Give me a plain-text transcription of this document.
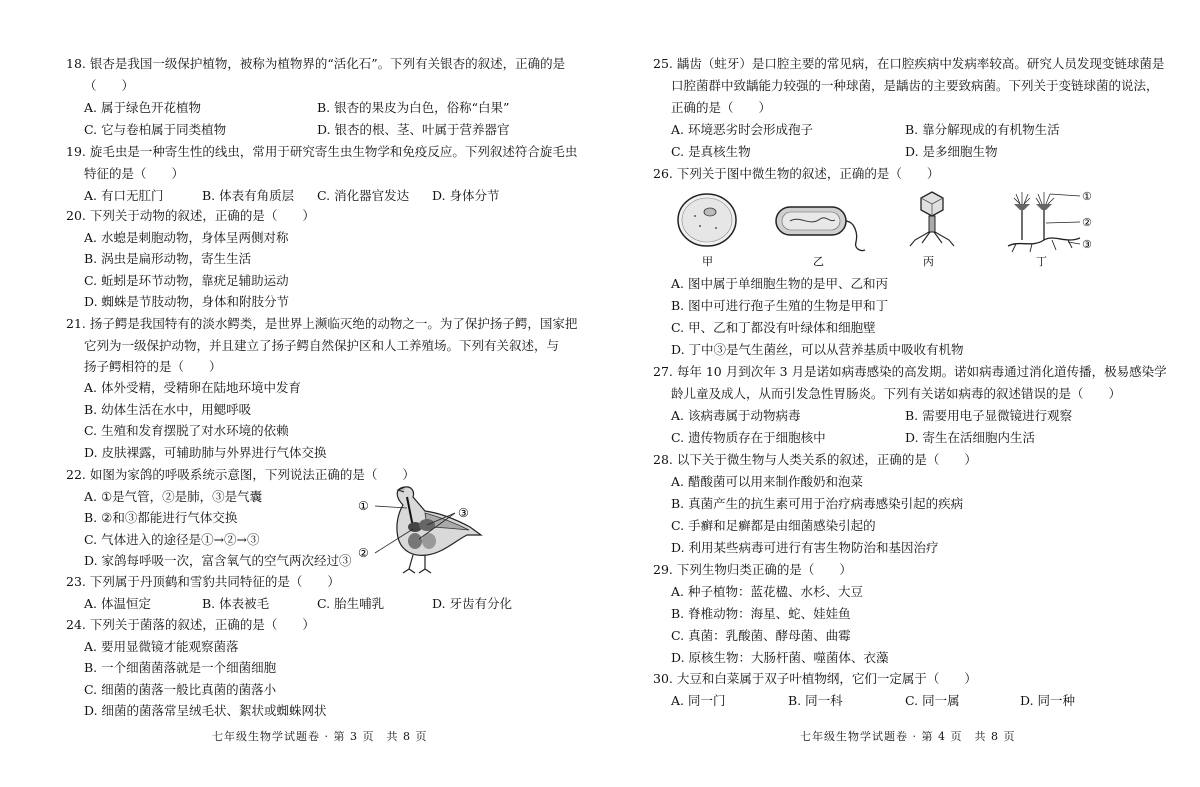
18. 银杏是我国一级保护植物，被称为植物界的“活化石”。下列有关银杏的叙述，正确的是
（　　）
A. 属于绿色开花植物	B. 银杏的果皮为白色，俗称“白果”
C. 它与卷柏属于同类植物	D. 银杏的根、茎、叶属于营养器官
19. 旋毛虫是一种寄生性的线虫，常用于研究寄生虫生物学和免疫反应。下列叙述符合旋毛虫
特征的是（　　）
A. 有口无肛门	B. 体表有角质层 C. 消化器官发达 D. 身体分节
20. 下列关于动物的叙述，正确的是（　　）
A. 水螅是刺胞动物，身体呈两侧对称
B. 涡虫是扁形动物，寄生生活
C. 蚯蚓是环节动物，靠疣足辅助运动
D. 蜘蛛是节肢动物，身体和附肢分节
21. 扬子鳄是我国特有的淡水鳄类，是世界上濒临灭绝的动物之一。为了保护扬子鳄，国家把
它列为一级保护动物，并且建立了扬子鳄自然保护区和人工养殖场。下列有关叙述，与
扬子鳄相符的是（　　）
A. 体外受精，受精卵在陆地环境中发育
B. 幼体生活在水中，用鳃呼吸
C. 生殖和发育摆脱了对水环境的依赖
D. 皮肤裸露，可辅助肺与外界进行气体交换
22. 如图为家鸽的呼吸系统示意图，下列说法正确的是（　　）
A. ①是气管，②是肺，③是气囊
B. ②和③都能进行气体交换
C. 气体进入的途径是①→②→③
D. 家鸽每呼吸一次，富含氧气的空气两次经过③
①
②
③
23. 下列属于丹顶鹤和雪豹共同特征的是（　　）
A. 体温恒定	B. 体表被毛	C. 胎生哺乳	D. 牙齿有分化
24. 下列关于菌落的叙述，正确的是（　　）
A. 要用显微镜才能观察菌落
B. 一个细菌菌落就是一个细菌细胞
C. 细菌的菌落一般比真菌的菌落小
D. 细菌的菌落常呈绒毛状、絮状或蜘蛛网状
七年级生物学试题卷 · 第 3 页　共 8 页
25. 龋齿（蛀牙）是口腔主要的常见病，在口腔疾病中发病率较高。研究人员发现变链球菌是
口腔菌群中致龋能力较强的一种球菌，是龋齿的主要致病菌。下列关于变链球菌的说法，
正确的是（　　）
A. 环境恶劣时会形成孢子	B. 靠分解现成的有机物生活
C. 是真核生物	D. 是多细胞生物
26. 下列关于图中微生物的叙述，正确的是（　　）
甲	乙	丙
①
②
③
丁
A. 图中属于单细胞生物的是甲、乙和丙
B. 图中可进行孢子生殖的生物是甲和丁
C. 甲、乙和丁都没有叶绿体和细胞壁
D. 丁中③是气生菌丝，可以从营养基质中吸收有机物
27. 每年 10 月到次年 3 月是诺如病毒感染的高发期。诺如病毒通过消化道传播，极易感染学
龄儿童及成人，从而引发急性胃肠炎。下列有关诺如病毒的叙述错误的是（　　）
A. 该病毒属于动物病毒	B. 需要用电子显微镜进行观察
C. 遗传物质存在于细胞核中	D. 寄生在活细胞内生活
28. 以下关于微生物与人类关系的叙述，正确的是（　　）
A. 醋酸菌可以用来制作酸奶和泡菜
B. 真菌产生的抗生素可用于治疗病毒感染引起的疾病
C. 手癣和足癣都是由细菌感染引起的
D. 利用某些病毒可进行有害生物防治和基因治疗
29. 下列生物归类正确的是（　　）
A. 种子植物：蓝花楹、水杉、大豆
B. 脊椎动物：海星、蛇、娃娃鱼
C. 真菌：乳酸菌、酵母菌、曲霉
D. 原核生物：大肠杆菌、噬菌体、衣藻
30. 大豆和白菜属于双子叶植物纲，它们一定属于（　　）
A. 同一门	B. 同一科	C. 同一属	D. 同一种
七年级生物学试题卷 · 第 4 页　共 8 页
